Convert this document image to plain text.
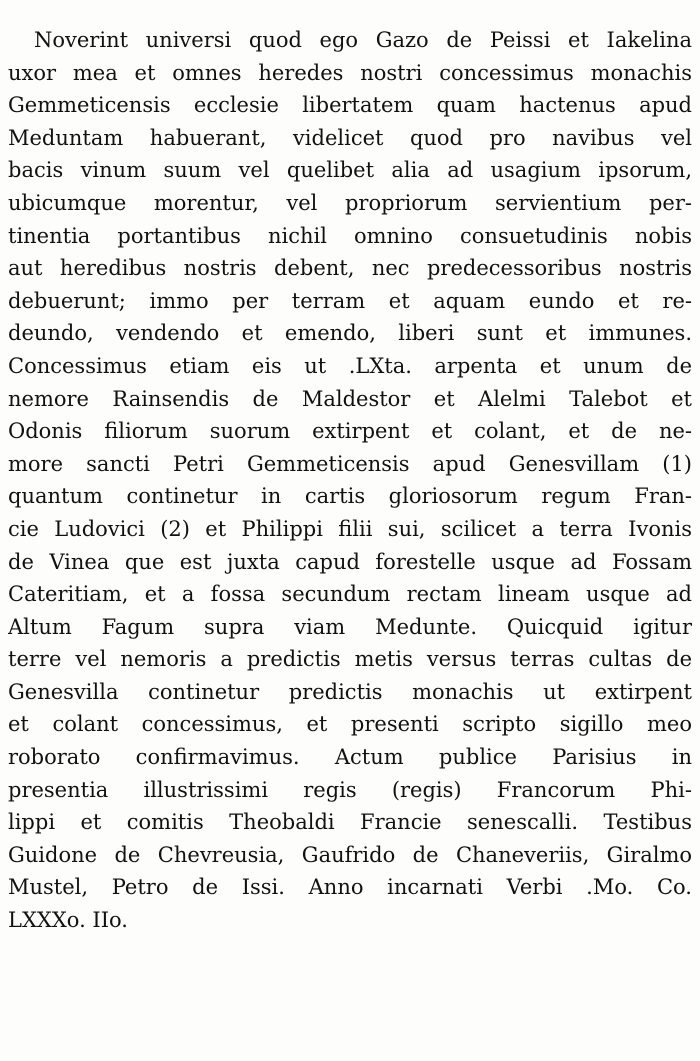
Noverint universi quod ego Gazo de Peissi et Iakelina
uxor mea et omnes heredes nostri concessimus monachis
Gemmeticensis ecclesie libertatem quam hactenus apud
Meduntam habuerant, videlicet quod pro navibus vel
bacis vinum suum vel quelibet alia ad usagium ipsorum,
ubicumque morentur, vel propriorum servientium per-
tinentia portantibus nichil omnino consuetudinis nobis
aut heredibus nostris debent, nec predecessoribus nostris
debuerunt; immo per terram et aquam eundo et re-
deundo, vendendo et emendo, liberi sunt et immunes.
Concessimus etiam eis ut .LXta. arpenta et unum de
nemore Rainsendis de Maldestor et Alelmi Talebot et
Odonis filiorum suorum extirpent et colant, et de ne-
more sancti Petri Gemmeticensis apud Genesvillam (1)
quantum continetur in cartis gloriosorum regum Fran-
cie Ludovici (2) et Philippi filii sui, scilicet a terra Ivonis
de Vinea que est juxta capud forestelle usque ad Fossam
Cateritiam, et a fossa secundum rectam lineam usque ad
Altum Fagum supra viam Medunte. Quicquid igitur
terre vel nemoris a predictis metis versus terras cultas de
Genesvilla continetur predictis monachis ut extirpent
et colant concessimus, et presenti scripto sigillo meo
roborato confirmavimus. Actum publice Parisius in
presentia illustrissimi regis (regis) Francorum Phi-
lippi et comitis Theobaldi Francie senescalli. Testibus
Guidone de Chevreusia, Gaufrido de Chaneveriis, Giralmo
Mustel, Petro de Issi. Anno incarnati Verbi .Mo. Co.
LXXXo. IIo.
